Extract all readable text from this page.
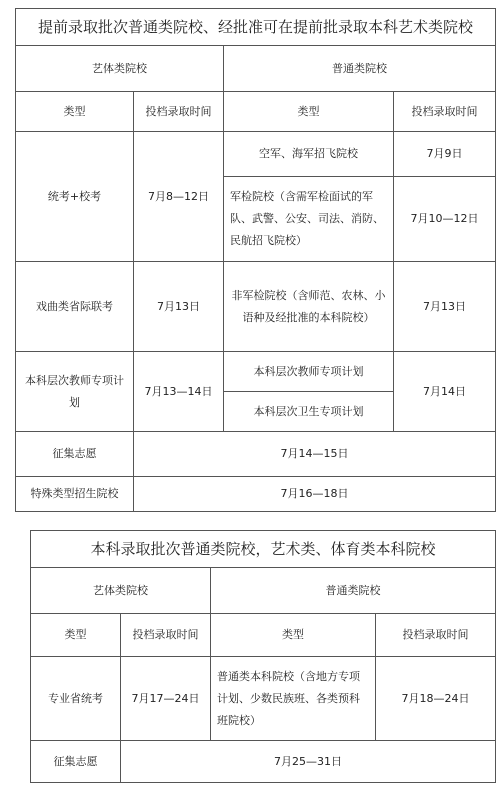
提前录取批次普通类院校、经批准可在提前批录取本科艺术类院校			
艺体类院校		普通类院校	
类型	投档录取时间	类型	投档录取时间
统考+校考	7月8—12日	空军、海军招飞院校	7月9日
		军检院校（含需军检面试的军队、武警、公安、司法、消防、民航招飞院校）	7月10—12日
戏曲类省际联考	7月13日	非军检院校（含师范、农林、小语种及经批准的本科院校）	7月13日
本科层次教师专项计划	7月13—14日	本科层次教师专项计划	7月14日
		本科层次卫生专项计划	
征集志愿	7月14—15日		
特殊类型招生院校	7月16—18日		
本科录取批次普通类院校，艺术类、体育类本科院校			
艺体类院校		普通类院校	
类型	投档录取时间	类型	投档录取时间
专业省统考	7月17—24日	普通类本科院校（含地方专项计划、少数民族班、各类预科班院校）	7月18—24日
征集志愿	7月25—31日		
